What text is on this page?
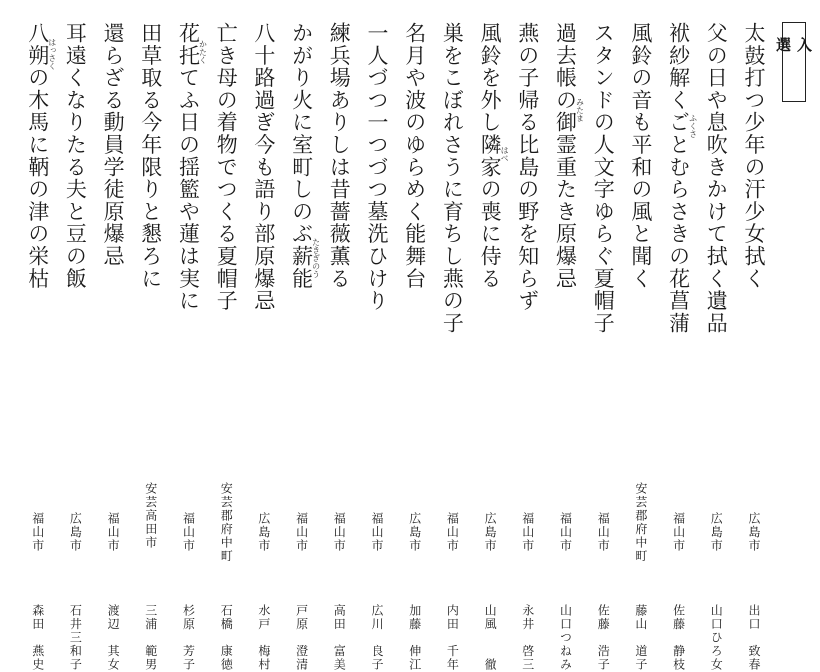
入 選
太鼓打つ少年の汗少女拭く
広島市
出口　致春
父の日や息吹きかけて拭く遺品
広島市
山口ひろ女
袱紗解くごとむらさきの花菖蒲
ふくさ
福山市
佐藤　静枝
風鈴の音も平和の風と聞く
安芸郡府中町
藤山　道子
スタンドの人文字ゆらぐ夏帽子
福山市
佐藤　浩子
過去帳の御霊重たき原爆忌
みたま
福山市
山口つねみ
燕の子帰る比島の野を知らず
福山市
永井　啓三
風鈴を外し隣家の喪に侍る
はべ
広島市
山風　　徹
巣をこぼれさうに育ちし燕の子
福山市
内田　千年
名月や波のゆらめく能舞台
広島市
加藤　伸江
一人づつ一つづつ墓洗ひけり
福山市
広川　良子
練兵場ありしは昔薔薇薫る
福山市
高田　富美
かがり火に室町しのぶ薪能
たきぎのう
福山市
戸原　澄清
八十路過ぎ今も語り部原爆忌
広島市
水戸　梅村
亡き母の着物でつくる夏帽子
安芸郡府中町
石橋　康徳
花托てふ日の揺籃や蓮は実に
かたく
福山市
杉原　芳子
田草取る今年限りと懇ろに
安芸高田市
三浦　範男
還らざる動員学徒原爆忌
福山市
渡辺　其女
耳遠くなりたる夫と豆の飯
広島市
石井三和子
八朔の木馬に鞆の津の栄枯
はっさく
福山市
森田　燕史
